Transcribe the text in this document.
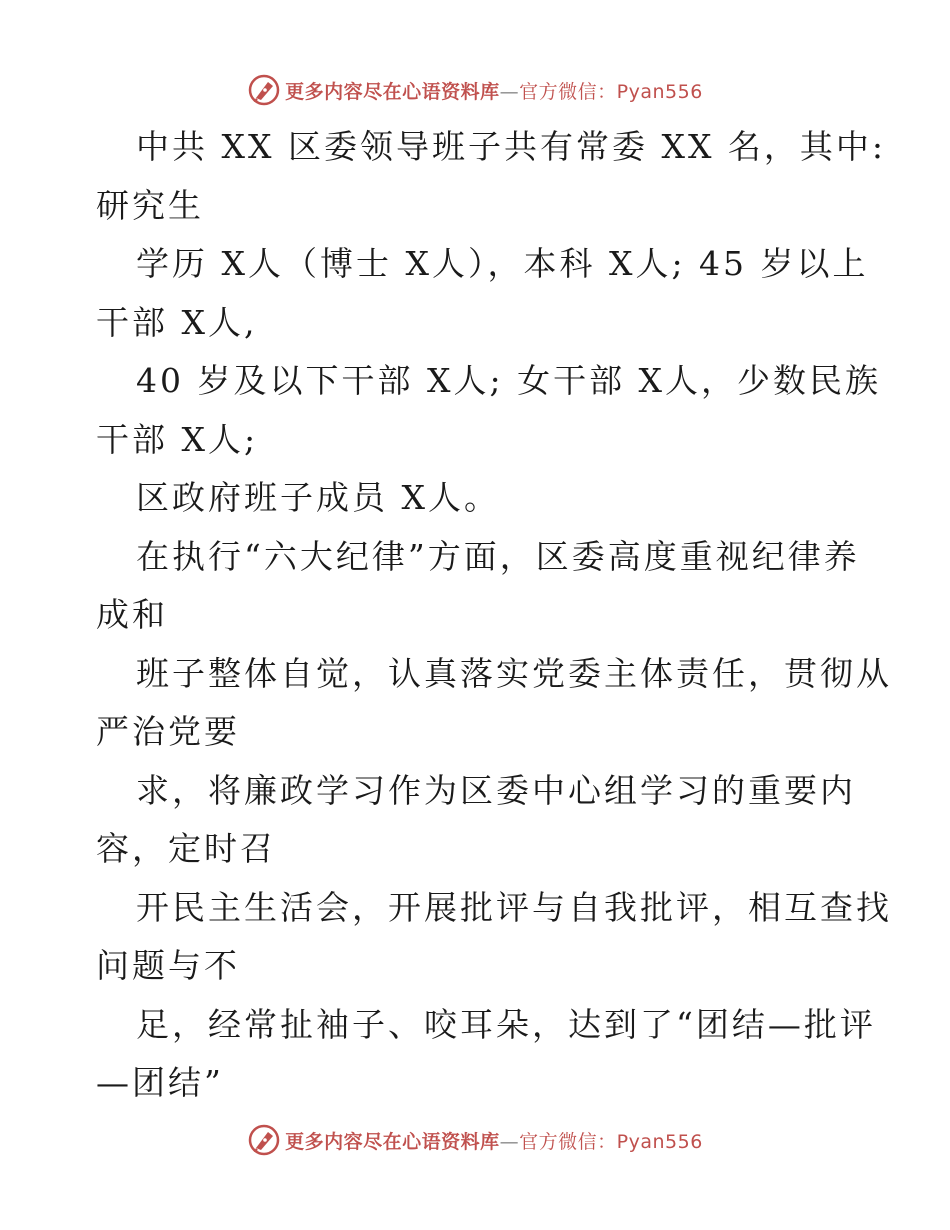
更多内容尽在心语资料库—官方微信：Pyan556
中共 XX 区委领导班子共有常委 XX 名，其中:
研究生
学历 X人（博士 X人），本科 X人; 45 岁以上
干部 X人,
40 岁及以下干部 X人; 女干部 X人，少数民族
干部 X人;
区政府班子成员 X人。
在执行“六大纪律”方面，区委高度重视纪律养
成和
班子整体自觉，认真落实党委主体责任，贯彻从
严治党要
求，将廉政学习作为区委中心组学习的重要内
容，定时召
开民主生活会，开展批评与自我批评，相互查找
问题与不
足，经常扯袖子、咬耳朵，达到了“团结—批评
—团结”
更多内容尽在心语资料库—官方微信：Pyan556
